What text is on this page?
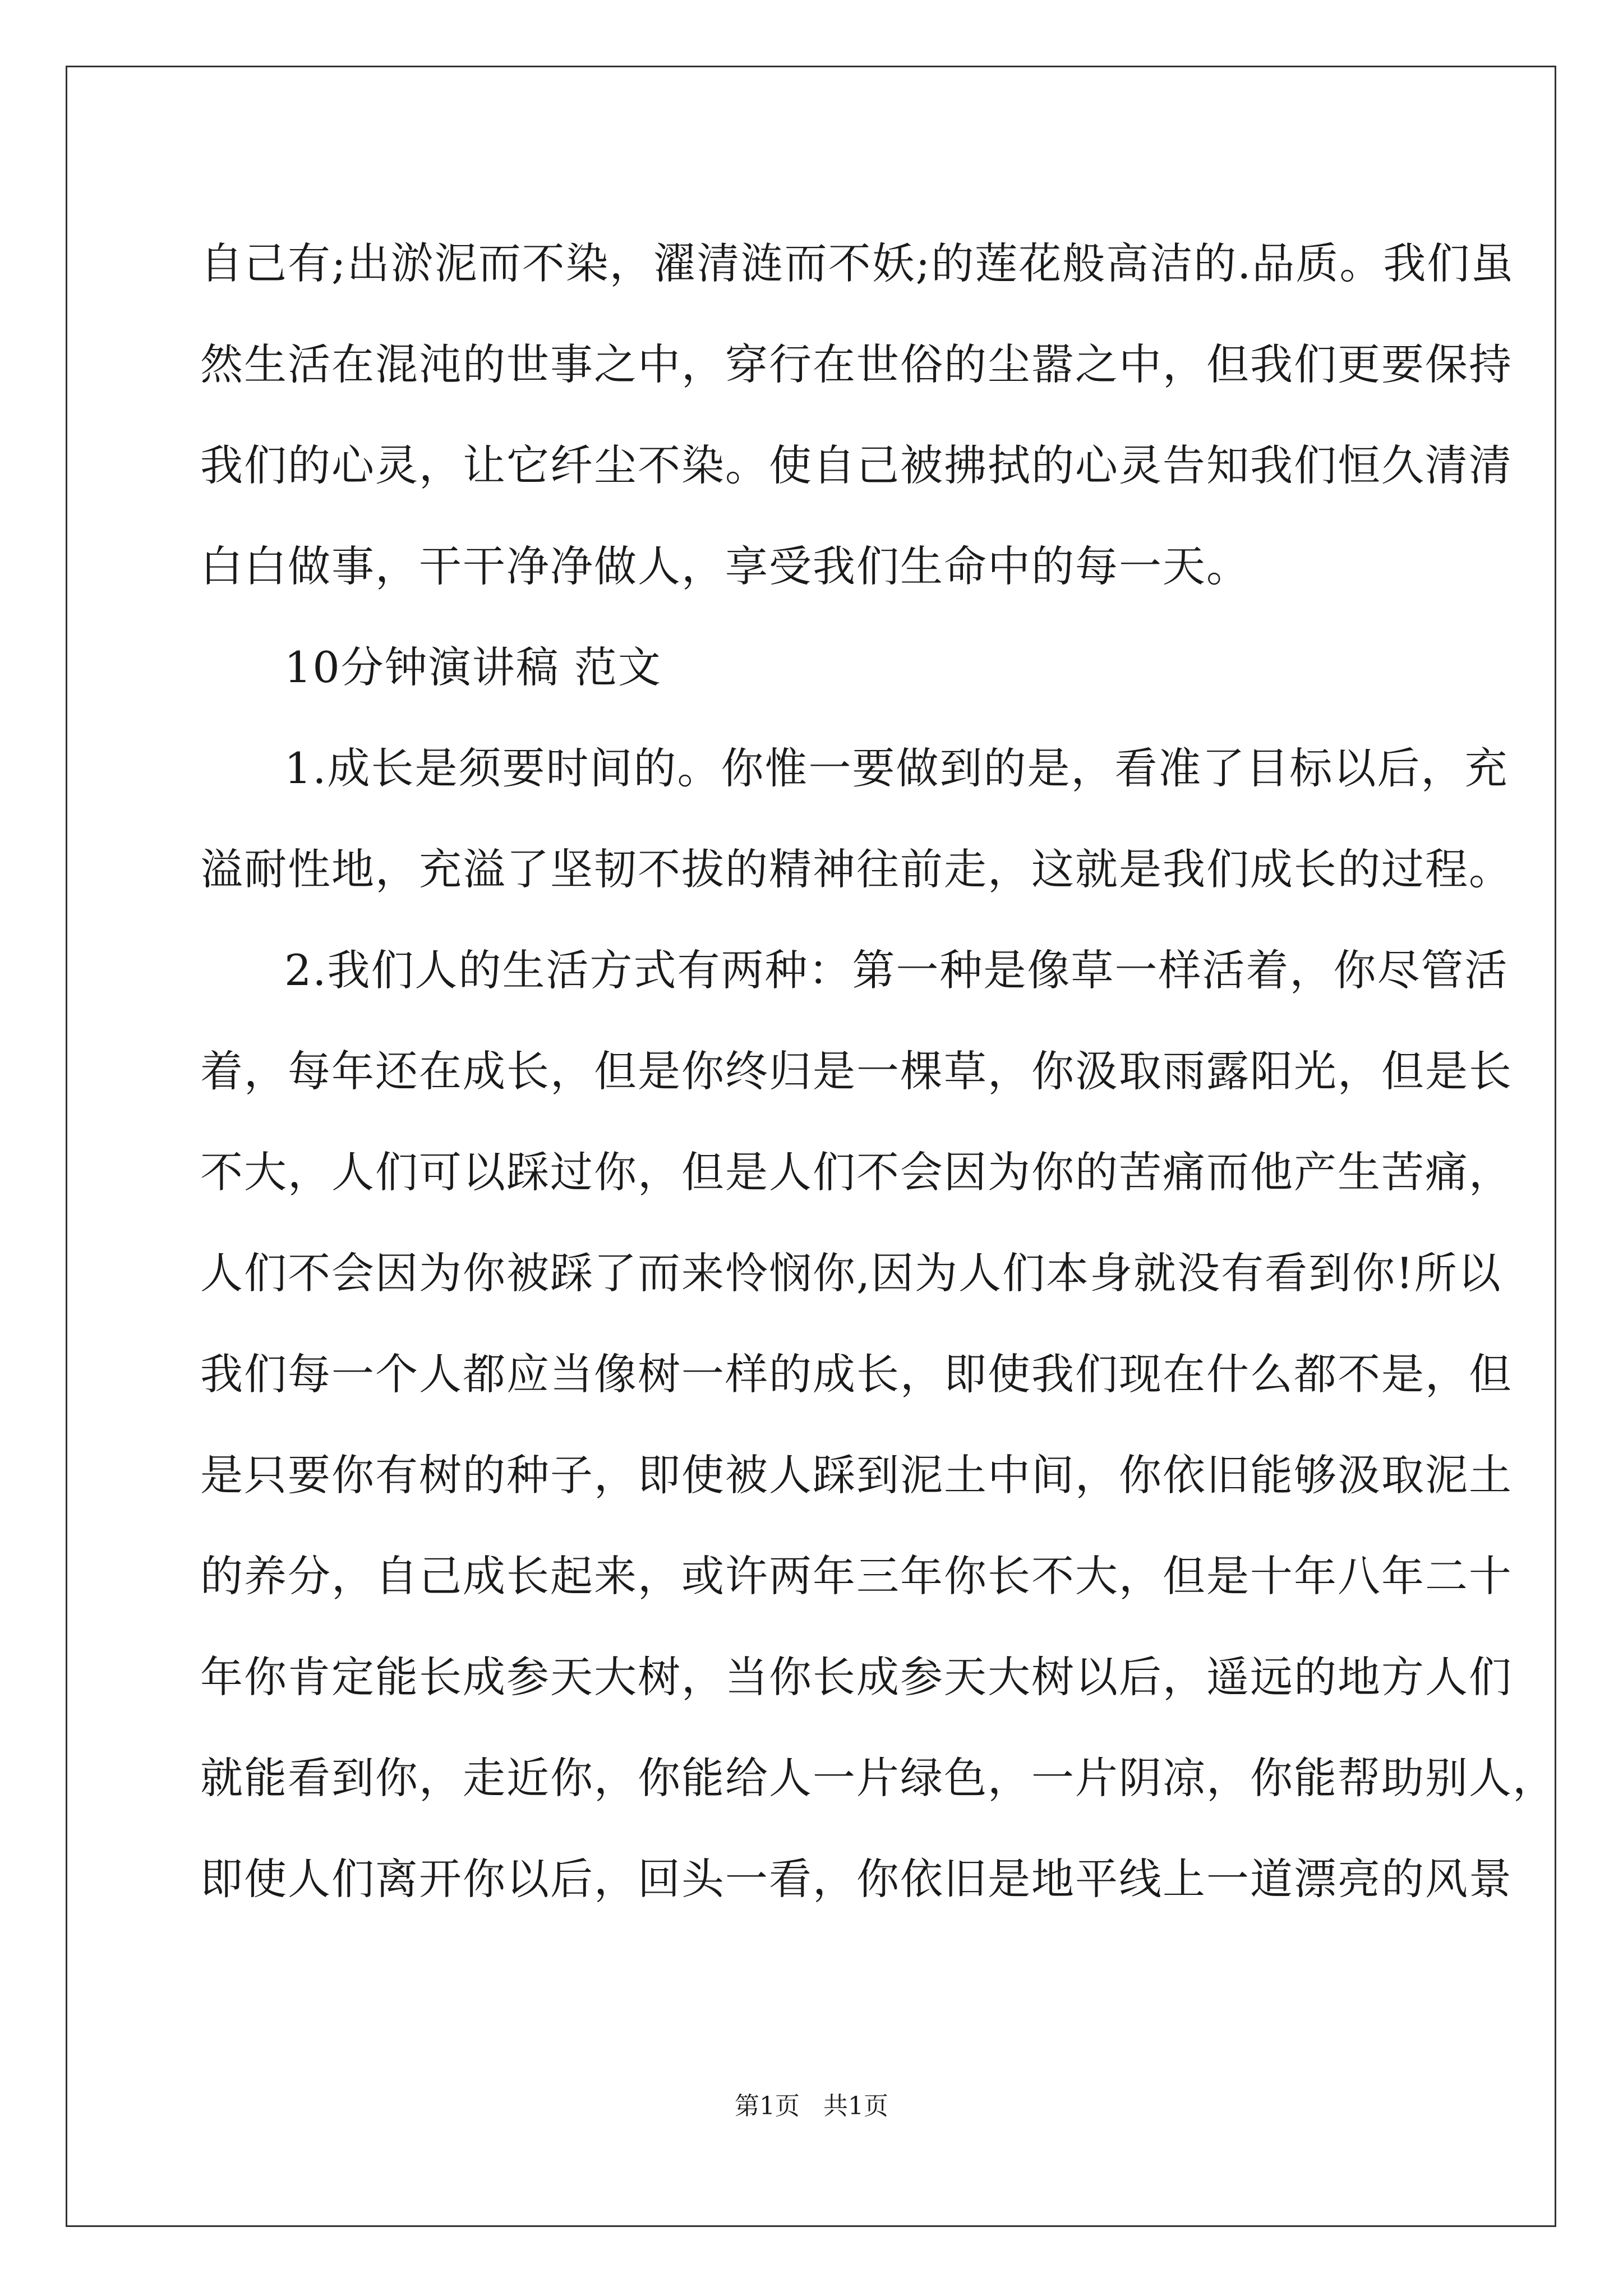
自己有;出淤泥而不染，濯清涟而不妖;的莲花般高洁的.品质。我们虽
然生活在混沌的世事之中，穿行在世俗的尘嚣之中，但我们更要保持
我们的心灵，让它纤尘不染。使自己被拂拭的心灵告知我们恒久清清
白白做事，干干净净做人，享受我们生命中的每一天。
10分钟演讲稿 范文
1.成长是须要时间的。你惟一要做到的是，看准了目标以后，充
溢耐性地，充溢了坚韧不拔的精神往前走，这就是我们成长的过程。
2.我们人的生活方式有两种：第一种是像草一样活着，你尽管活
着，每年还在成长，但是你终归是一棵草，你汲取雨露阳光，但是长
不大，人们可以踩过你，但是人们不会因为你的苦痛而他产生苦痛，
人们不会因为你被踩了而来怜悯你,因为人们本身就没有看到你!所以
我们每一个人都应当像树一样的成长，即使我们现在什么都不是，但
是只要你有树的种子，即使被人踩到泥土中间，你依旧能够汲取泥土
的养分，自己成长起来，或许两年三年你长不大，但是十年八年二十
年你肯定能长成参天大树，当你长成参天大树以后，遥远的地方人们
就能看到你，走近你，你能给人一片绿色，一片阴凉，你能帮助别人，
即使人们离开你以后，回头一看，你依旧是地平线上一道漂亮的风景
第1页   共1页
